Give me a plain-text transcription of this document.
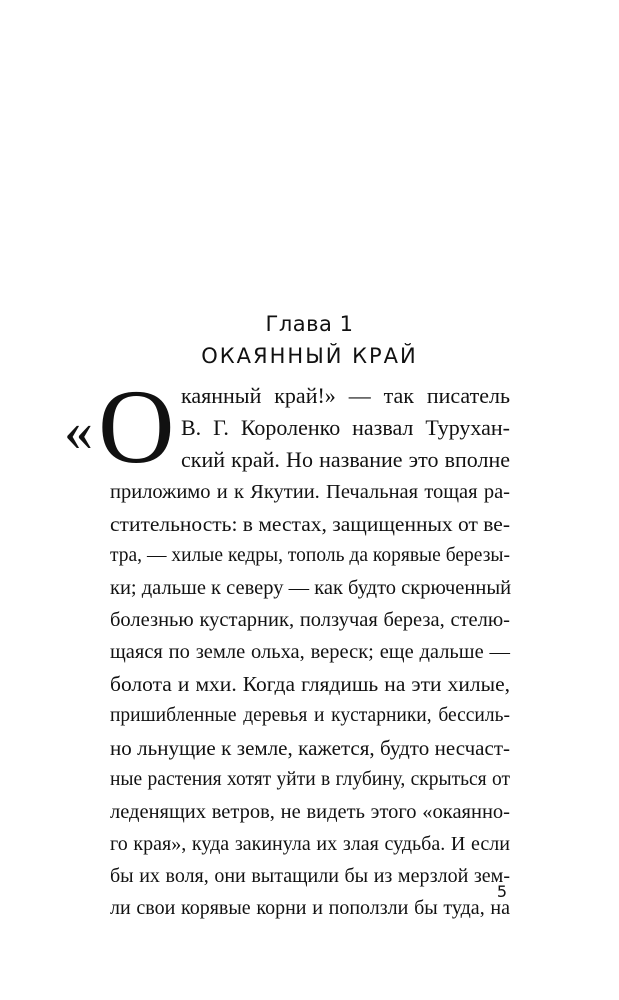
Глава 1
ОКАЯННЫЙ КРАЙ
« О каянный край!» — так писатель
В. Г. Короленко назвал Турухан-
ский край. Но название это вполне
приложимо и к Якутии. Печальная тощая ра-
стительность: в местах, защищенных от ве-
тра, — хилые кедры, тополь да корявые березы-
ки; дальше к северу — как будто скрюченный
болезнью кустарник, ползучая береза, стелю-
щаяся по земле ольха, вереск; еще дальше —
болота и мхи. Когда глядишь на эти хилые,
пришибленные деревья и кустарники, бессиль-
но льнущие к земле, кажется, будто несчаст-
ные растения хотят уйти в глубину, скрыться от
леденящих ветров, не видеть этого «окаянно-
го края», куда закинула их злая судьба. И если
бы их воля, они вытащили бы из мерзлой зем-
ли свои корявые корни и поползли бы туда, на
5
